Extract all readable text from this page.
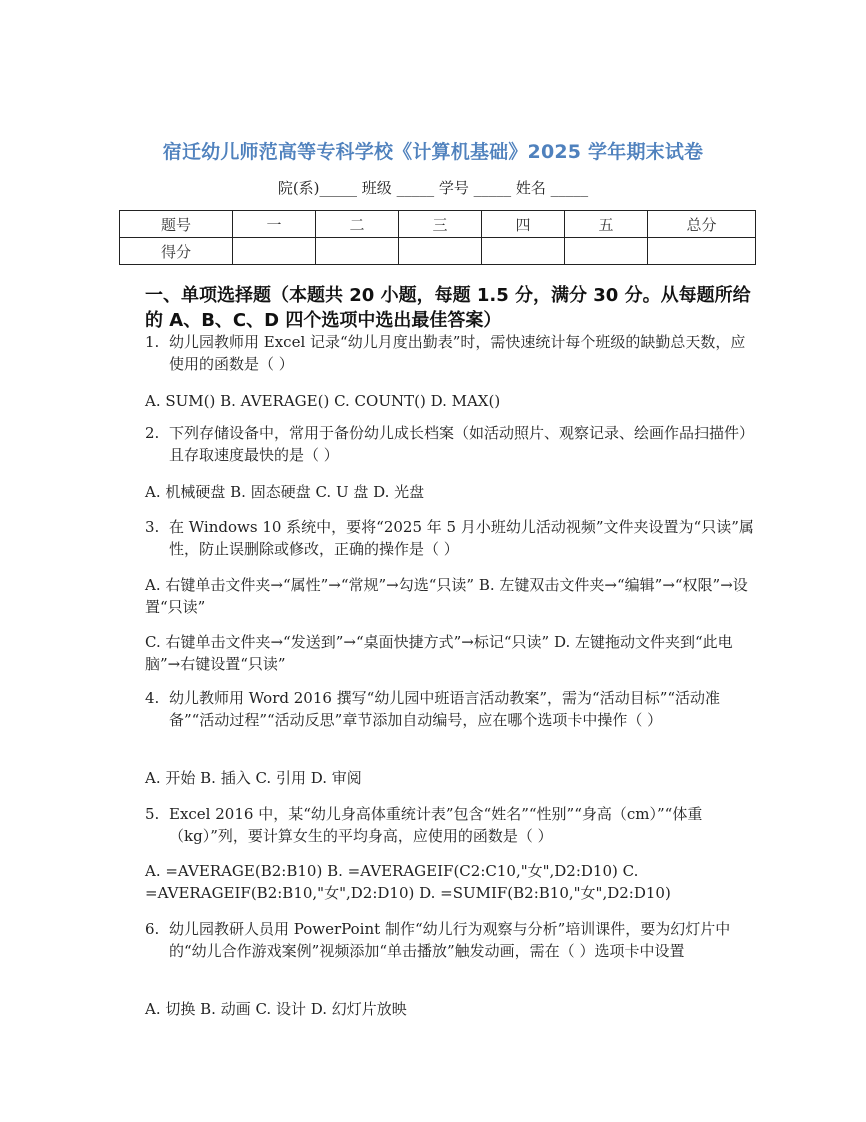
宿迁幼儿师范高等专科学校《计算机基础》2025 学年期末试卷
院(系)_____ 班级 _____ 学号 _____ 姓名 _____
题号	一	二	三	四	五	总分
得分						
一、单项选择题（本题共 20 小题，每题 1.5 分，满分 30 分。从每题所给的 A、B、C、D 四个选项中选出最佳答案）
1. 幼儿园教师用 Excel 记录“幼儿月度出勤表”时，需快速统计每个班级的缺勤总天数，应使用的函数是（ ）
A. SUM() B. AVERAGE() C. COUNT() D. MAX()
2. 下列存储设备中，常用于备份幼儿成长档案（如活动照片、观察记录、绘画作品扫描件）且存取速度最快的是（ ）
A. 机械硬盘 B. 固态硬盘 C. U 盘 D. 光盘
3. 在 Windows 10 系统中，要将“2025 年 5 月小班幼儿活动视频”文件夹设置为“只读”属性，防止误删除或修改，正确的操作是（ ）
A. 右键单击文件夹→“属性”→“常规”→勾选“只读” B. 左键双击文件夹→“编辑”→“权限”→设置“只读”
C. 右键单击文件夹→“发送到”→“桌面快捷方式”→标记“只读” D. 左键拖动文件夹到“此电脑”→右键设置“只读”
4. 幼儿教师用 Word 2016 撰写“幼儿园中班语言活动教案”，需为“活动目标”“活动准备”“活动过程”“活动反思”章节添加自动编号，应在哪个选项卡中操作（ ）
A. 开始 B. 插入 C. 引用 D. 审阅
5. Excel 2016 中，某“幼儿身高体重统计表”包含“姓名”“性别”“身高（cm）”“体重（kg）”列，要计算女生的平均身高，应使用的函数是（ ）
A. =AVERAGE(B2:B10) B. =AVERAGEIF(C2:C10,"女",D2:D10) C. =AVERAGEIF(B2:B10,"女",D2:D10) D. =SUMIF(B2:B10,"女",D2:D10)
6. 幼儿园教研人员用 PowerPoint 制作“幼儿行为观察与分析”培训课件，要为幻灯片中的“幼儿合作游戏案例”视频添加“单击播放”触发动画，需在（ ）选项卡中设置
A. 切换 B. 动画 C. 设计 D. 幻灯片放映
